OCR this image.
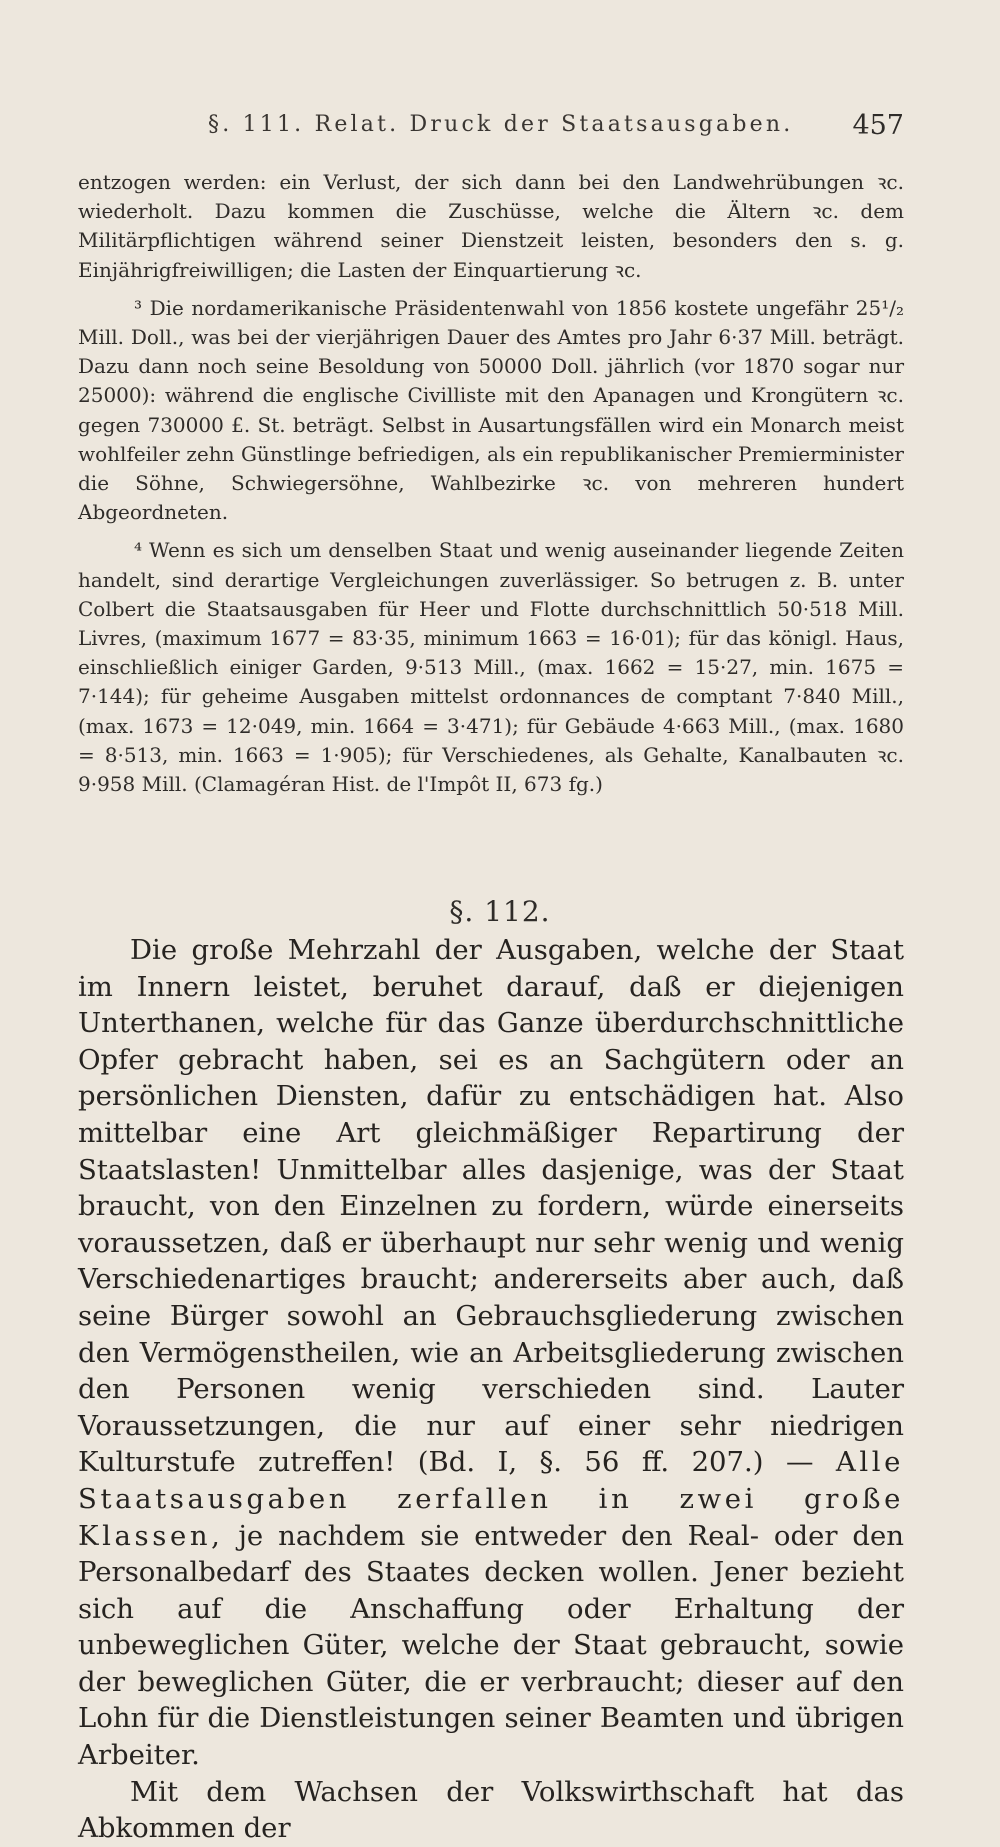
§. 111. Relat. Druck der Staatsausgaben. 457

entzogen werden: ein Verlust, der sich dann bei den Landwehrübungen ꝛc. wiederholt. Dazu kommen die Zuschüsse, welche die Ältern ꝛc. dem Militärpflichtigen während seiner Dienstzeit leisten, besonders den s. g. Einjährigfreiwilligen; die Lasten der Einquartierung ꝛc.

³ Die nordamerikanische Präsidentenwahl von 1856 kostete ungefähr 25¹/₂ Mill. Doll., was bei der vierjährigen Dauer des Amtes pro Jahr 6·37 Mill. beträgt. Dazu dann noch seine Besoldung von 50000 Doll. jährlich (vor 1870 sogar nur 25000): während die englische Civilliste mit den Apanagen und Krongütern ꝛc. gegen 730000 £. St. beträgt. Selbst in Ausartungsfällen wird ein Monarch meist wohlfeiler zehn Günstlinge befriedigen, als ein republikanischer Premierminister die Söhne, Schwiegersöhne, Wahlbezirke ꝛc. von mehreren hundert Abgeordneten.

⁴ Wenn es sich um denselben Staat und wenig auseinander liegende Zeiten handelt, sind derartige Vergleichungen zuverlässiger. So betrugen z. B. unter Colbert die Staatsausgaben für Heer und Flotte durchschnittlich 50·518 Mill. Livres, (maximum 1677 = 83·35, minimum 1663 = 16·01); für das königl. Haus, einschließlich einiger Garden, 9·513 Mill., (max. 1662 = 15·27, min. 1675 = 7·144); für geheime Ausgaben mittelst ordonnances de comptant 7·840 Mill., (max. 1673 = 12·049, min. 1664 = 3·471); für Gebäude 4·663 Mill., (max. 1680 = 8·513, min. 1663 = 1·905); für Verschiedenes, als Gehalte, Kanalbauten ꝛc. 9·958 Mill. (Clamagéran Hist. de l'Impôt II, 673 fg.)

§. 112.

Die große Mehrzahl der Ausgaben, welche der Staat im Innern leistet, beruhet darauf, daß er diejenigen Unterthanen, welche für das Ganze überdurchschnittliche Opfer gebracht haben, sei es an Sachgütern oder an persönlichen Diensten, dafür zu entschädigen hat. Also mittelbar eine Art gleichmäßiger Repartirung der Staatslasten! Unmittelbar alles dasjenige, was der Staat braucht, von den Einzelnen zu fordern, würde einerseits voraussetzen, daß er überhaupt nur sehr wenig und wenig Verschiedenartiges braucht; andererseits aber auch, daß seine Bürger sowohl an Gebrauchsgliederung zwischen den Vermögenstheilen, wie an Arbeitsgliederung zwischen den Personen wenig verschieden sind. Lauter Voraussetzungen, die nur auf einer sehr niedrigen Kulturstufe zutreffen! (Bd. I, §. 56 ff. 207.) — Alle Staatsausgaben zerfallen in zwei große Klassen, je nachdem sie entweder den Real- oder den Personalbedarf des Staates decken wollen. Jener bezieht sich auf die Anschaffung oder Erhaltung der unbeweglichen Güter, welche der Staat gebraucht, sowie der beweglichen Güter, die er verbraucht; dieser auf den Lohn für die Dienstleistungen seiner Beamten und übrigen Arbeiter.

Mit dem Wachsen der Volkswirthschaft hat das Abkommen der
